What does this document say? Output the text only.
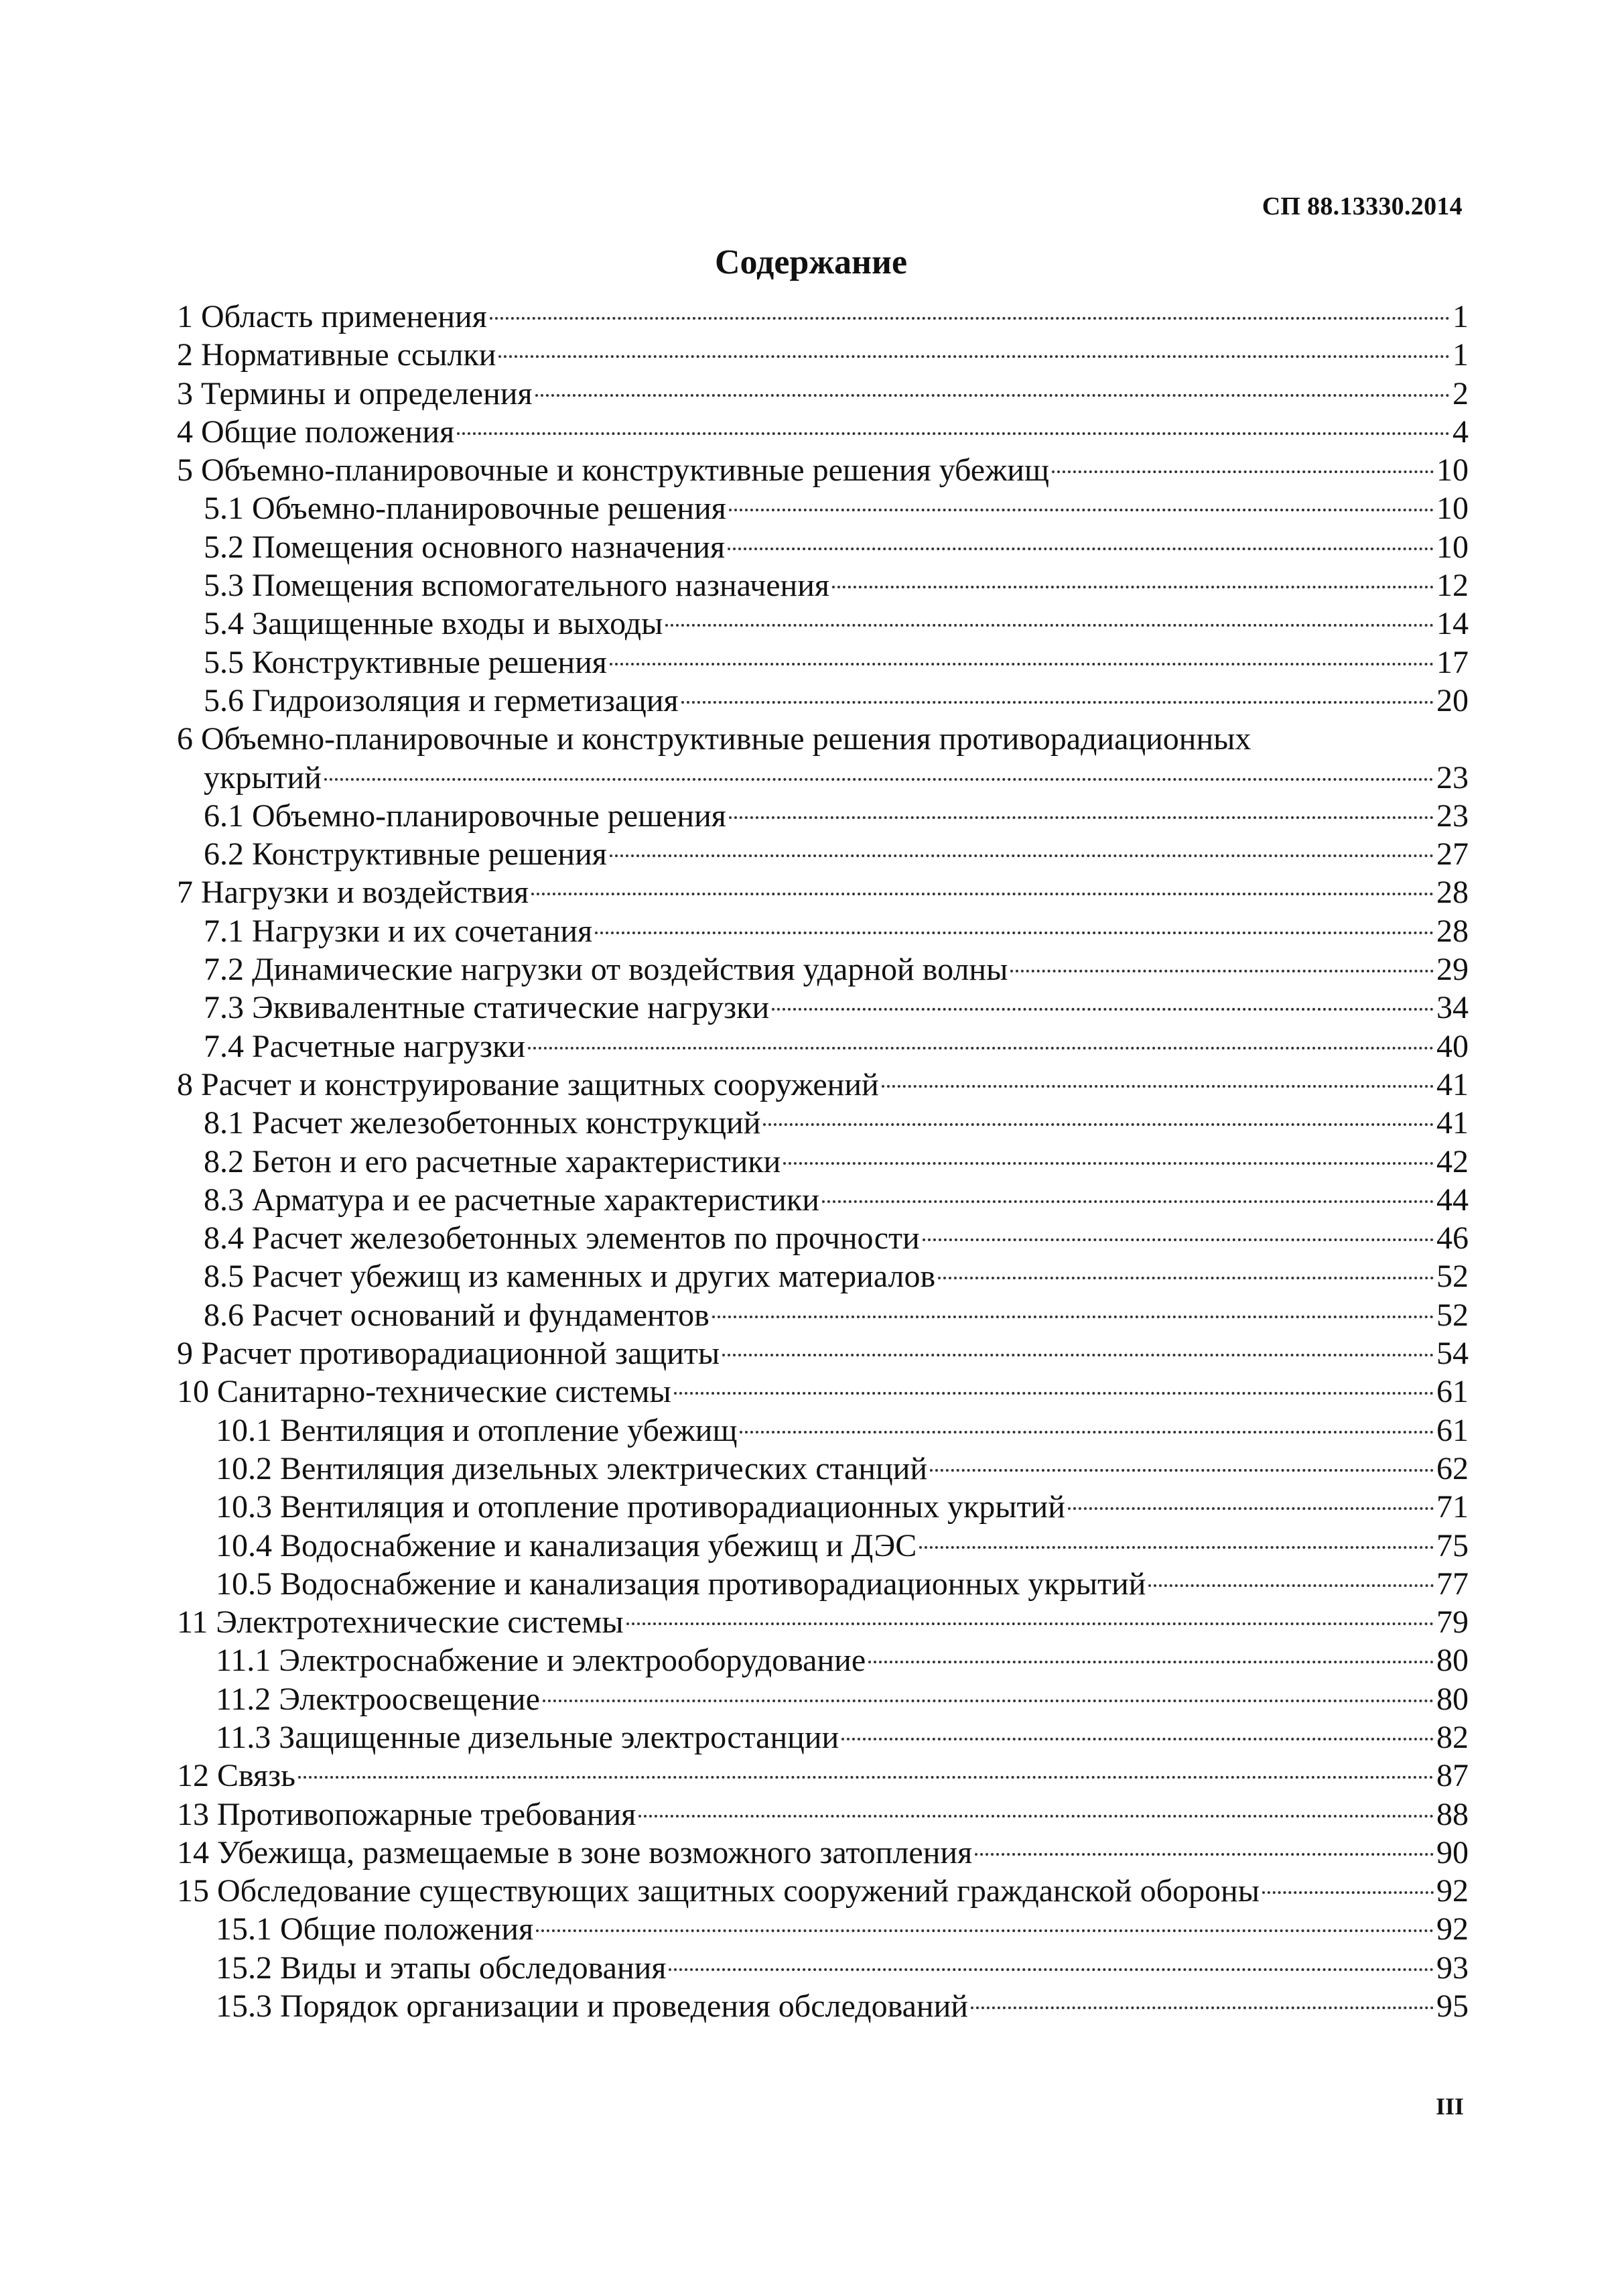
СП 88.13330.2014
Содержание
1 Область применения	1
2 Нормативные ссылки	1
3 Термины и определения	2
4 Общие положения	4
5 Объемно-планировочные и конструктивные решения убежищ	10
5.1 Объемно-планировочные решения	10
5.2 Помещения основного назначения	10
5.3 Помещения вспомогательного назначения	12
5.4 Защищенные входы и выходы	14
5.5 Конструктивные решения	17
5.6 Гидроизоляция и герметизация	20
6 Объемно-планировочные и конструктивные решения противорадиационных
укрытий	23
6.1 Объемно-планировочные решения	23
6.2 Конструктивные решения	27
7 Нагрузки и воздействия	28
7.1 Нагрузки и их сочетания	28
7.2 Динамические нагрузки от воздействия ударной волны	29
7.3 Эквивалентные статические нагрузки	34
7.4 Расчетные нагрузки	40
8 Расчет и конструирование защитных сооружений	41
8.1 Расчет железобетонных конструкций	41
8.2 Бетон и его расчетные характеристики	42
8.3 Арматура и ее расчетные характеристики	44
8.4 Расчет железобетонных элементов по прочности	46
8.5 Расчет убежищ из каменных и других материалов	52
8.6 Расчет оснований и фундаментов	52
9 Расчет противорадиационной защиты	54
10 Санитарно-технические системы	61
10.1 Вентиляция и отопление убежищ	61
10.2 Вентиляция дизельных электрических станций	62
10.3 Вентиляция и отопление противорадиационных укрытий	71
10.4 Водоснабжение и канализация убежищ и ДЭС	75
10.5 Водоснабжение и канализация противорадиационных укрытий	77
11 Электротехнические системы	79
11.1 Электроснабжение и электрооборудование	80
11.2 Электроосвещение	80
11.3 Защищенные дизельные электростанции	82
12 Связь	87
13 Противопожарные требования	88
14 Убежища, размещаемые в зоне возможного затопления	90
15 Обследование существующих защитных сооружений гражданской обороны	92
15.1 Общие положения	92
15.2 Виды и этапы обследования	93
15.3 Порядок организации и проведения обследований	95
III
